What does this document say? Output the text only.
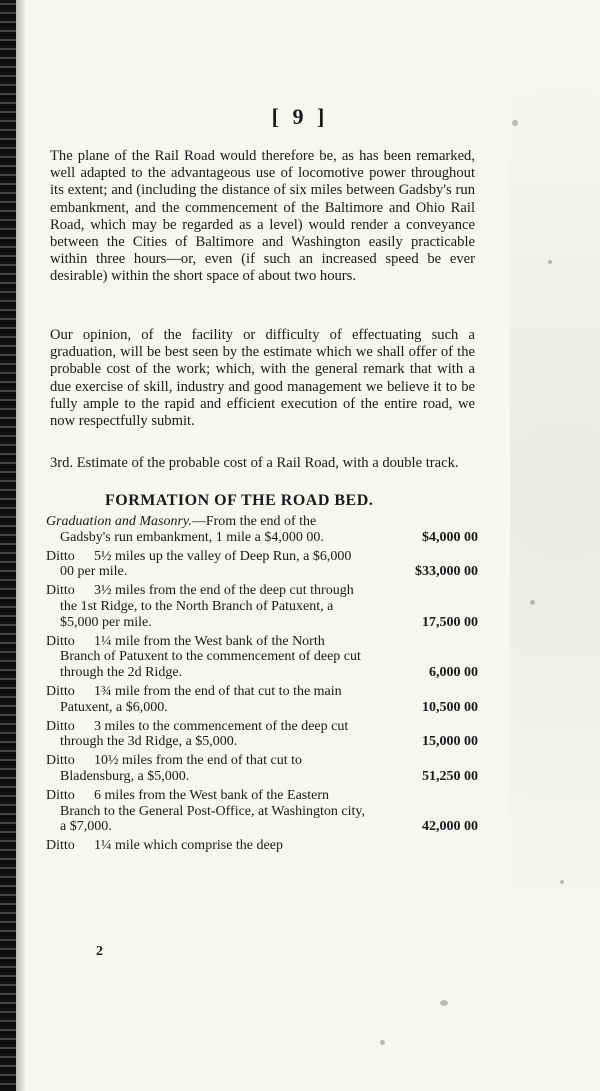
[ 9 ]

The plane of the Rail Road would therefore be, as has been remarked, well adapted to the advantageous use of locomotive power throughout its extent; and (including the distance of six miles between Gadsby's run embankment, and the commencement of the Baltimore and Ohio Rail Road, which may be regarded as a level) would render a conveyance between the Cities of Baltimore and Washington easily practicable within three hours—or, even (if such an increased speed be ever desirable) within the short space of about two hours.

Our opinion, of the facility or difficulty of effectuating such a graduation, will be best seen by the estimate which we shall offer of the probable cost of the work; which, with the general remark that with a due exercise of skill, industry and good management we believe it to be fully ample to the rapid and efficient execution of the entire road, we now respectfully submit.

3rd. Estimate of the probable cost of a Rail Road, with a double track.

FORMATION OF THE ROAD BED.
Graduation and Masonry.—From the end of the Gadsby's run embankment, 1 mile a $4,000 00.	$4,000 00
Ditto 5½ miles up the valley of Deep Run, a $6,000 00 per mile.	$33,000 00
Ditto 3½ miles from the end of the deep cut through the 1st Ridge, to the North Branch of Patuxent, a $5,000 per mile.	17,500 00
Ditto 1¼ mile from the West bank of the North Branch of Patuxent to the commencement of deep cut through the 2d Ridge.	6,000 00
Ditto 1¾ mile from the end of that cut to the main Patuxent, a $6,000.	10,500 00
Ditto 3 miles to the commencement of the deep cut through the 3d Ridge, a $5,000.	15,000 00
Ditto 10½ miles from the end of that cut to Bladensburg, a $5,000.	51,250 00
Ditto 6 miles from the West bank of the Eastern Branch to the General Post-Office, at Washington city, a $7,000.	42,000 00
Ditto 1¼ mile which comprise the deep
2
